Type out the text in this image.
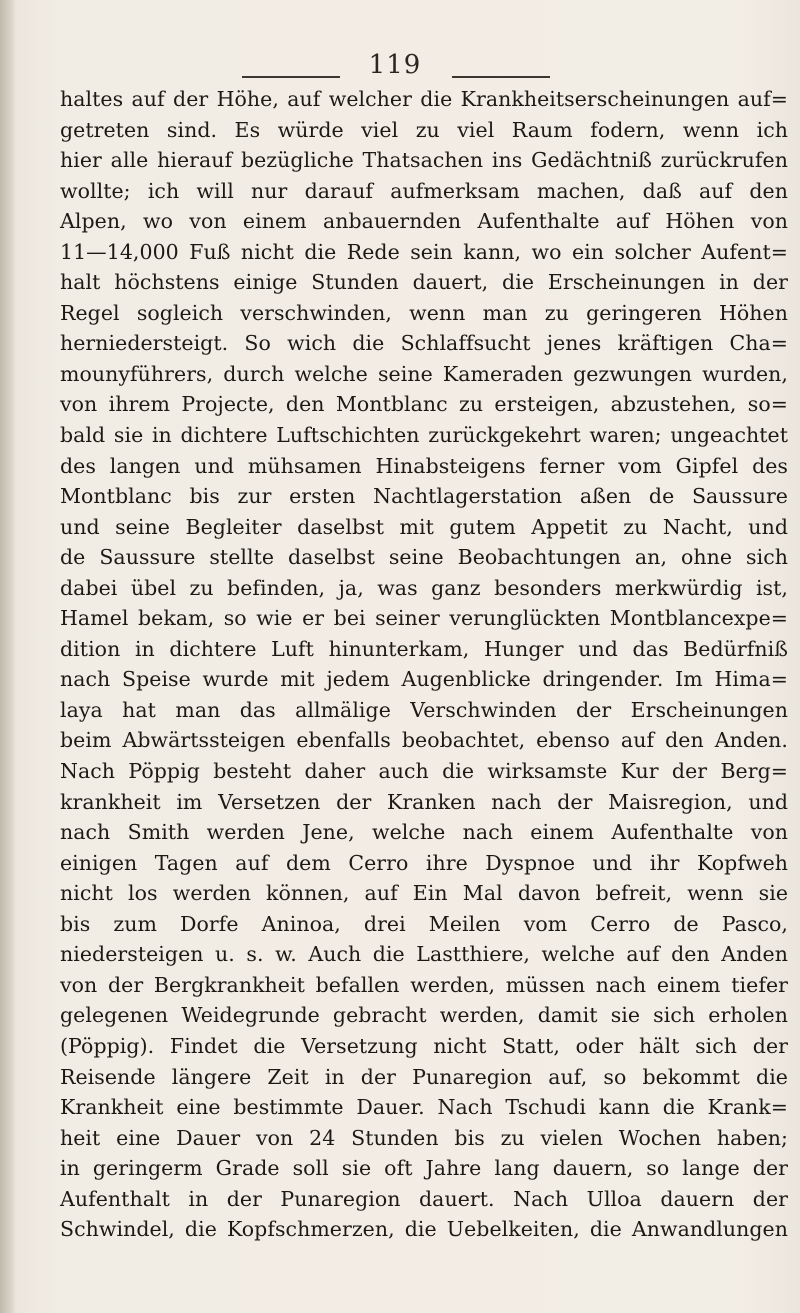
119
haltes auf der Höhe, auf welcher die Krankheitserscheinungen auf=
getreten sind. Es würde viel zu viel Raum fodern, wenn ich
hier alle hierauf bezügliche Thatsachen ins Gedächtniß zurückrufen
wollte; ich will nur darauf aufmerksam machen, daß auf den
Alpen, wo von einem anbauernden Aufenthalte auf Höhen von
11—14,000 Fuß nicht die Rede sein kann, wo ein solcher Aufent=
halt höchstens einige Stunden dauert, die Erscheinungen in der
Regel sogleich verschwinden, wenn man zu geringeren Höhen
herniedersteigt. So wich die Schlaffsucht jenes kräftigen Cha=
mounyführers, durch welche seine Kameraden gezwungen wurden,
von ihrem Projecte, den Montblanc zu ersteigen, abzustehen, so=
bald sie in dichtere Luftschichten zurückgekehrt waren; ungeachtet
des langen und mühsamen Hinabsteigens ferner vom Gipfel des
Montblanc bis zur ersten Nachtlagerstation aßen de Saussure
und seine Begleiter daselbst mit gutem Appetit zu Nacht, und
de Saussure stellte daselbst seine Beobachtungen an, ohne sich
dabei übel zu befinden, ja, was ganz besonders merkwürdig ist,
Hamel bekam, so wie er bei seiner verunglückten Montblancexpe=
dition in dichtere Luft hinunterkam, Hunger und das Bedürfniß
nach Speise wurde mit jedem Augenblicke dringender. Im Hima=
laya hat man das allmälige Verschwinden der Erscheinungen
beim Abwärtssteigen ebenfalls beobachtet, ebenso auf den Anden.
Nach Pöppig besteht daher auch die wirksamste Kur der Berg=
krankheit im Versetzen der Kranken nach der Maisregion, und
nach Smith werden Jene, welche nach einem Aufenthalte von
einigen Tagen auf dem Cerro ihre Dyspnoe und ihr Kopfweh
nicht los werden können, auf Ein Mal davon befreit, wenn sie
bis zum Dorfe Aninoa, drei Meilen vom Cerro de Pasco,
niedersteigen u. s. w. Auch die Lastthiere, welche auf den Anden
von der Bergkrankheit befallen werden, müssen nach einem tiefer
gelegenen Weidegrunde gebracht werden, damit sie sich erholen
(Pöppig). Findet die Versetzung nicht Statt, oder hält sich der
Reisende längere Zeit in der Punaregion auf, so bekommt die
Krankheit eine bestimmte Dauer. Nach Tschudi kann die Krank=
heit eine Dauer von 24 Stunden bis zu vielen Wochen haben;
in geringerm Grade soll sie oft Jahre lang dauern, so lange der
Aufenthalt in der Punaregion dauert. Nach Ulloa dauern der
Schwindel, die Kopfschmerzen, die Uebelkeiten, die Anwandlungen
